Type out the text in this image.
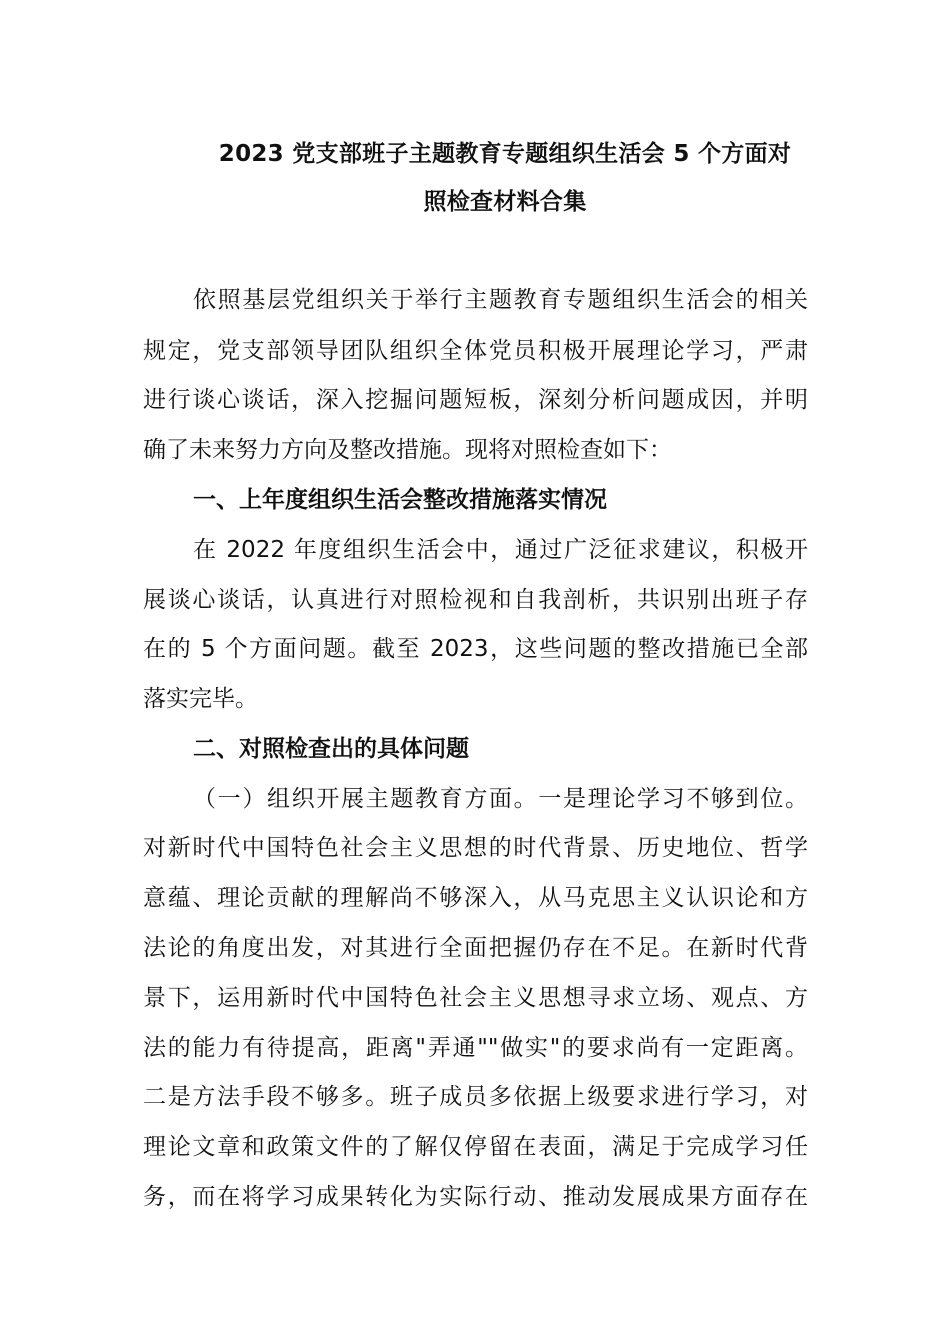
2023 党支部班子主题教育专题组织生活会 5 个方面对
照检查材料合集
依照基层党组织关于举行主题教育专题组织生活会的相关
规定，党支部领导团队组织全体党员积极开展理论学习，严肃
进行谈心谈话，深入挖掘问题短板，深刻分析问题成因，并明
确了未来努力方向及整改措施。现将对照检查如下：
一、上年度组织生活会整改措施落实情况
在 2022 年度组织生活会中，通过广泛征求建议，积极开
展谈心谈话，认真进行对照检视和自我剖析，共识别出班子存
在的 5 个方面问题。截至 2023，这些问题的整改措施已全部
落实完毕。
二、对照检查出的具体问题
（一）组织开展主题教育方面。一是理论学习不够到位。
对新时代中国特色社会主义思想的时代背景、历史地位、哲学
意蕴、理论贡献的理解尚不够深入，从马克思主义认识论和方
法论的角度出发，对其进行全面把握仍存在不足。在新时代背
景下，运用新时代中国特色社会主义思想寻求立场、观点、方
法的能力有待提高，距离"弄通""做实"的要求尚有一定距离。
二是方法手段不够多。班子成员多依据上级要求进行学习，对
理论文章和政策文件的了解仅停留在表面，满足于完成学习任
务，而在将学习成果转化为实际行动、推动发展成果方面存在
